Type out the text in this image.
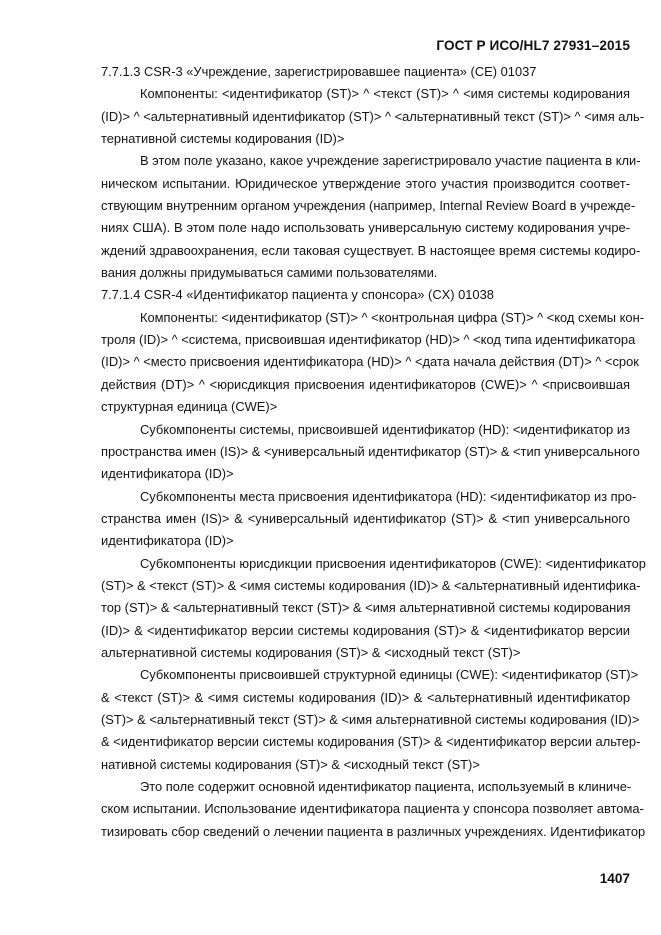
ГОСТ Р ИСО/HL7 27931–2015
7.7.1.3 CSR-3 «Учреждение, зарегистрировавшее пациента» (CE) 01037
Компоненты: <идентификатор (ST)> ^ <текст (ST)> ^ <имя системы кодирования
(ID)> ^ <альтернативный идентификатор (ST)> ^ <альтернативный текст (ST)> ^ <имя аль-
тернативной системы кодирования (ID)>
В этом поле указано, какое учреждение зарегистрировало участие пациента в кли-
ническом испытании. Юридическое утверждение этого участия производится соответ-
ствующим внутренним органом учреждения (например, Internal Review Board в учрежде-
ниях США). В этом поле надо использовать универсальную систему кодирования учре-
ждений здравоохранения, если таковая существует. В настоящее время системы кодиро-
вания должны придумываться самими пользователями.
7.7.1.4 CSR-4 «Идентификатор пациента у спонсора» (CX) 01038
Компоненты: <идентификатор (ST)> ^ <контрольная цифра (ST)> ^ <код схемы кон-
троля (ID)> ^ <система, присвоившая идентификатор (HD)> ^ <код типа идентификатора
(ID)> ^ <место присвоения идентификатора (HD)> ^ <дата начала действия (DT)> ^ <срок
действия (DT)> ^ <юрисдикция присвоения идентификаторов (CWE)> ^ <присвоившая
структурная единица (CWE)>
Субкомпоненты системы, присвоившей идентификатор (HD): <идентификатор из
пространства имен (IS)> & <универсальный идентификатор (ST)> & <тип универсального
идентификатора (ID)>
Субкомпоненты места присвоения идентификатора (HD): <идентификатор из про-
странства имен (IS)> & <универсальный идентификатор (ST)> & <тип универсального
идентификатора (ID)>
Субкомпоненты юрисдикции присвоения идентификаторов (CWE): <идентификатор
(ST)> & <текст (ST)> & <имя системы кодирования (ID)> & <альтернативный идентифика-
тор (ST)> & <альтернативный текст (ST)> & <имя альтернативной системы кодирования
(ID)> & <идентификатор версии системы кодирования (ST)> & <идентификатор версии
альтернативной системы кодирования (ST)> & <исходный текст (ST)>
Субкомпоненты присвоившей структурной единицы (CWE): <идентификатор (ST)>
& <текст (ST)> & <имя системы кодирования (ID)> & <альтернативный идентификатор
(ST)> & <альтернативный текст (ST)> & <имя альтернативной системы кодирования (ID)>
& <идентификатор версии системы кодирования (ST)> & <идентификатор версии альтер-
нативной системы кодирования (ST)> & <исходный текст (ST)>
Это поле содержит основной идентификатор пациента, используемый в клиниче-
ском испытании. Использование идентификатора пациента у спонсора позволяет автома-
тизировать сбор сведений о лечении пациента в различных учреждениях. Идентификатор
1407
